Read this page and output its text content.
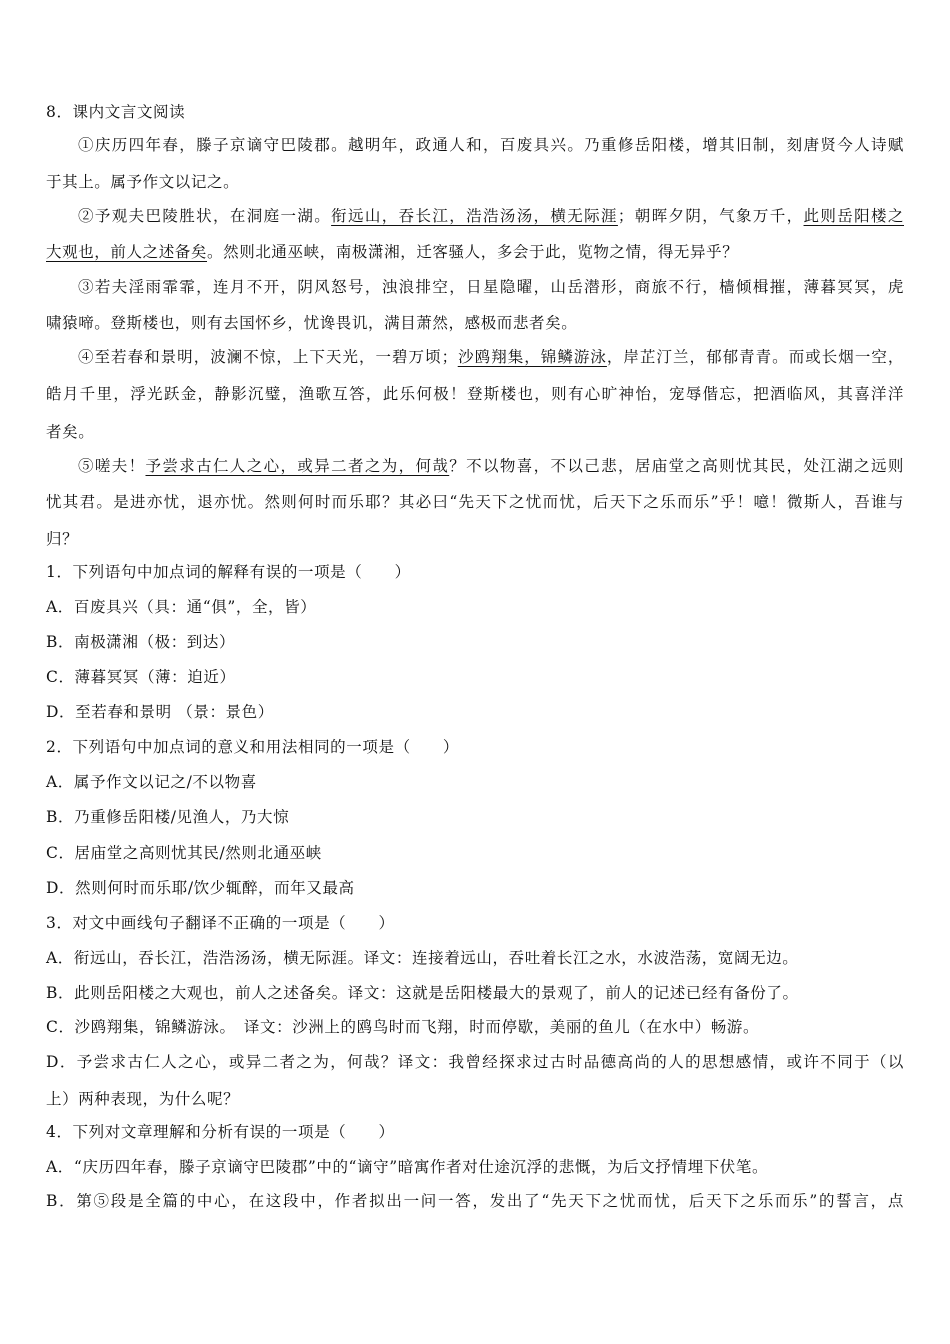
8．课内文言文阅读
①庆历四年春，滕子京谪守巴陵郡。越明年，政通人和，百废具兴。乃重修岳阳楼，增其旧制，刻唐贤今人诗赋
于其上。属予作文以记之。
②予观夫巴陵胜状，在洞庭一湖。衔远山，吞长江，浩浩汤汤，横无际涯；朝晖夕阴，气象万千，此则岳阳楼之
大观也，前人之述备矣。然则北通巫峡，南极潇湘，迁客骚人，多会于此，览物之情，得无异乎？
③若夫淫雨霏霏，连月不开，阴风怒号，浊浪排空，日星隐曜，山岳潜形，商旅不行，樯倾楫摧，薄暮冥冥，虎
啸猿啼。登斯楼也，则有去国怀乡，忧谗畏讥，满目萧然，感极而悲者矣。
④至若春和景明，波澜不惊，上下天光，一碧万顷；沙鸥翔集，锦鳞游泳，岸芷汀兰，郁郁青青。而或长烟一空，
皓月千里，浮光跃金，静影沉璧，渔歌互答，此乐何极！登斯楼也，则有心旷神怡，宠辱偕忘，把酒临风，其喜洋洋
者矣。
⑤嗟夫！予尝求古仁人之心，或异二者之为，何哉？不以物喜，不以己悲，居庙堂之高则忧其民，处江湖之远则
忧其君。是进亦忧，退亦忧。然则何时而乐耶？其必曰“先天下之忧而忧，后天下之乐而乐”乎！噫！微斯人，吾谁与
归？
1．下列语句中加点词的解释有误的一项是（　　）
A．百废具兴（具：通“俱”，全，皆）
B．南极潇湘（极：到达）
C．薄暮冥冥（薄：迫近）
D．至若春和景明 （景：景色）
2．下列语句中加点词的意义和用法相同的一项是（　　）
A．属予作文以记之/不以物喜
B．乃重修岳阳楼/见渔人，乃大惊
C．居庙堂之高则忧其民/然则北通巫峡
D．然则何时而乐耶/饮少辄醉，而年又最高
3．对文中画线句子翻译不正确的一项是（　　）
A．衔远山，吞长江，浩浩汤汤，横无际涯。译文：连接着远山，吞吐着长江之水，水波浩荡，宽阔无边。
B．此则岳阳楼之大观也，前人之述备矣。译文：这就是岳阳楼最大的景观了，前人的记述已经有备份了。
C．沙鸥翔集，锦鳞游泳。　译文：沙洲上的鸥鸟时而飞翔，时而停歇，美丽的鱼儿（在水中）畅游。
D．予尝求古仁人之心，或异二者之为，何哉？译文：我曾经探求过古时品德高尚的人的思想感情，或许不同于（以
上）两种表现，为什么呢？
4．下列对文章理解和分析有误的一项是（　　）
A．“庆历四年春，滕子京谪守巴陵郡”中的“谪守”暗寓作者对仕途沉浮的悲慨，为后文抒情埋下伏笔。
B．第⑤段是全篇的中心，在这段中，作者拟出一问一答，发出了“先天下之忧而忧，后天下之乐而乐”的誓言，点
